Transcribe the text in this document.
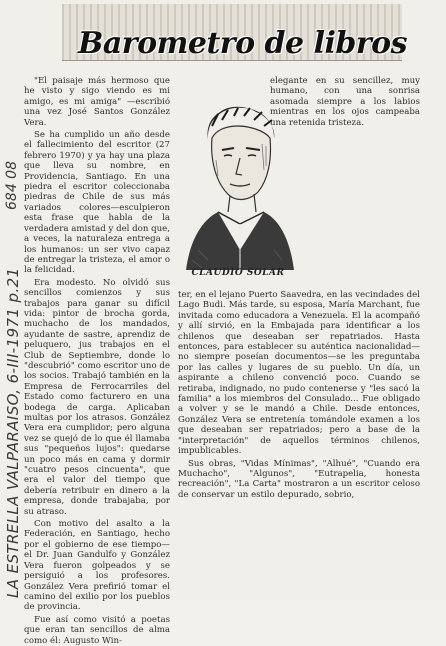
Barometro de libros
LA ESTRELLA VALPARAISO, 6-III-1971 p.21
684 08

"El paisaje más hermoso que he visto y sigo viendo es mi amigo, es mi amiga" —escribió una vez José Santos González Vera.

Se ha cumplido un año desde el fallecimiento del escritor (27 febrero 1970) y ya hay una plaza que lleva su nombre, en Providencia, Santiago. En una piedra el escritor coleccionaba piedras de Chile de sus más variados colores—esculpieron esta frase que habla de la verdadera amistad y del don que, a veces, la naturaleza entrega a los humanos: un ser vivo capaz de entregar la tristeza, el amor o la felicidad.

Era modesto. No olvidó sus sencillos comienzos y sus trabajos para ganar su difícil vida: pintor de brocha gorda, muchacho de los mandados, ayudante de sastre, aprendiz de peluquero, jus trabajos en el Club de Septiembre, donde lo "descubrió" como escritor uno de los socios. Trabajó también en la Empresa de Ferrocarriles del Estado como facturero en una bodega de carga. Aplicaban multas por los atrasos. González Vera era cumplidor; pero alguna vez se quejó de lo que él llamaba sus "pequeños lujos": quedarse un poco más en cama y dormir "cuatro pesos cincuenta", que era el valor del tiempo que debería retribuir en dinero a la empresa, donde trabajaba, por su atraso.

Con motivo del asalto a la Federación, en Santiago, hecho por el gobierno de ese tiempo—el Dr. Juan Gandulfo y González Vera fueron golpeados y se persiguió a los profesores. González Vera prefirió tomar el camino del exilio por los pueblos de provincia.

Fue así como visitó a poetas que eran tan sencillos de alma como él: Augusto Win-

elegante en su sencillez, muy humano, con una sonrisa asomada siempre a los labios mientras en los ojos campeaba una retenida tristeza.

CLAUDIO SOLAR

ter, en el lejano Puerto Saavedra, en las vecindades del Lago Budi. Más tarde, su esposa, María Marchant, fue invitada como educadora a Venezuela. El la acompañó y allí sirvió, en la Embajada para identificar a los chilenos que deseaban ser repatriados. Hasta entonces, para establecer su auténtica nacionalidad—no siempre poseían documentos—se les preguntaba por las calles y lugares de su pueblo. Un día, un aspirante a chileno convenció poco. Cuando se retiraba, indignado, no pudo contenerse y "les sacó la familia" a los miembros del Consulado... Fue obligado a volver y se le mandó a Chile. Desde entonces, González Vera se entretenía tomándole examen a los que deseaban ser repatriados; pero a base de la "interpretación" de aquellos términos chilenos, impublicables.

Sus obras, "Vidas Mínimas", "Alhué", "Cuando era Muchacho", "Algunos", "Eutrapelia, honesta recreación", "La Carta" mostraron a un escritor celoso de conservar un estilo depurado, sobrio,
